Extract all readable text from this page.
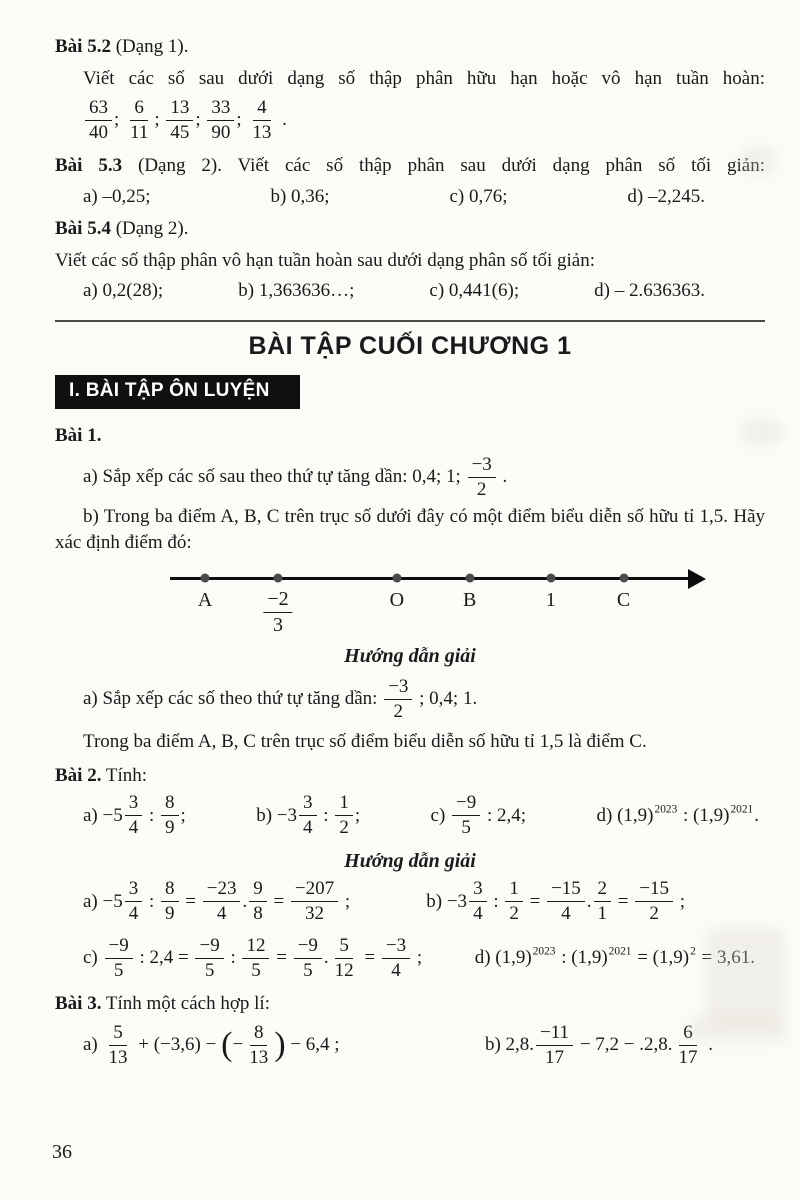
Bài 5.2 (Dạng 1).

Viết các số sau dưới dạng số thập phân hữu hạn hoặc vô hạn tuần hoàn:

$\frac{63}{40}$ ; $\frac{6}{11}$ ; $\frac{13}{45}$ ; $\frac{33}{90}$ ; $\frac{4}{13}$ .

Bài 5.3 (Dạng 2). Viết các số thập phân sau dưới dạng phân số tối giản:

a) –0,25;	b) 0,36;	c) 0,76;	d) –2,245.

Bài 5.4 (Dạng 2).

Viết các số thập phân vô hạn tuần hoàn sau dưới dạng phân số tối giản:

a) 0,2(28);	b) 1,363636…;	c) 0,441(6);	d) – 2.636363.
BÀI TẬP CUỐI CHƯƠNG 1
I. BÀI TẬP ÔN LUYỆN

Bài 1.

a) Sắp xếp các số sau theo thứ tự tăng dần: 0,4; 1; $\frac{-3}{2}$ .

b) Trong ba điểm A, B, C trên trục số dưới đây có một điểm biểu diễn số hữu tỉ 1,5. Hãy xác định điểm đó:

A	$\frac{-2}{3}$	O	B	1	C

Hướng dẫn giải

a) Sắp xếp các số theo thứ tự tăng dần: $\frac{-3}{2}$ ; 0,4; 1.

Trong ba điểm A, B, C trên trục số điểm biểu diễn số hữu tỉ 1,5 là điểm C.

Bài 2. Tính:

$a) -5 \frac{3}{4}$ : $\frac{8}{9}$ ;	$b) -3 \frac{3}{4}$ : $\frac{1}{2}$ ;	$c) \frac{-9}{5}$ : 2,4;	d) (1,9) 2023 : (1,9) 2021 .

Hướng dẫn giải

$a) -5 \frac{3}{4}$ : $\frac{8}{9} = \frac{-23}{4}$ . $\frac{9}{8} = \frac{-207}{32}$ ;	$b) -3 \frac{3}{4}$ : $\frac{1}{2} = \frac{-15}{4}$ . $\frac{2}{1} = \frac{-15}{2}$ ;
$c) \frac{-9}{5}$ : $2,4 = \frac{-9}{5}$ : $\frac{12}{5} = \frac{-9}{5}$ . $\frac{5}{12} = \frac{-3}{4}$ ;	d) (1,9) 2023 : (1,9) 2021 = (1,9) 2 = 3,61.

Bài 3. Tính một cách hợp lí:

$a) \frac{5}{13} + (-3,6)$ − ( − $\frac{8}{13}$ ) − 6,4 ;	b) 2,8. $\frac{-11}{17} - 7,2 - .2,8$. $\frac{6}{17}$ .
36
